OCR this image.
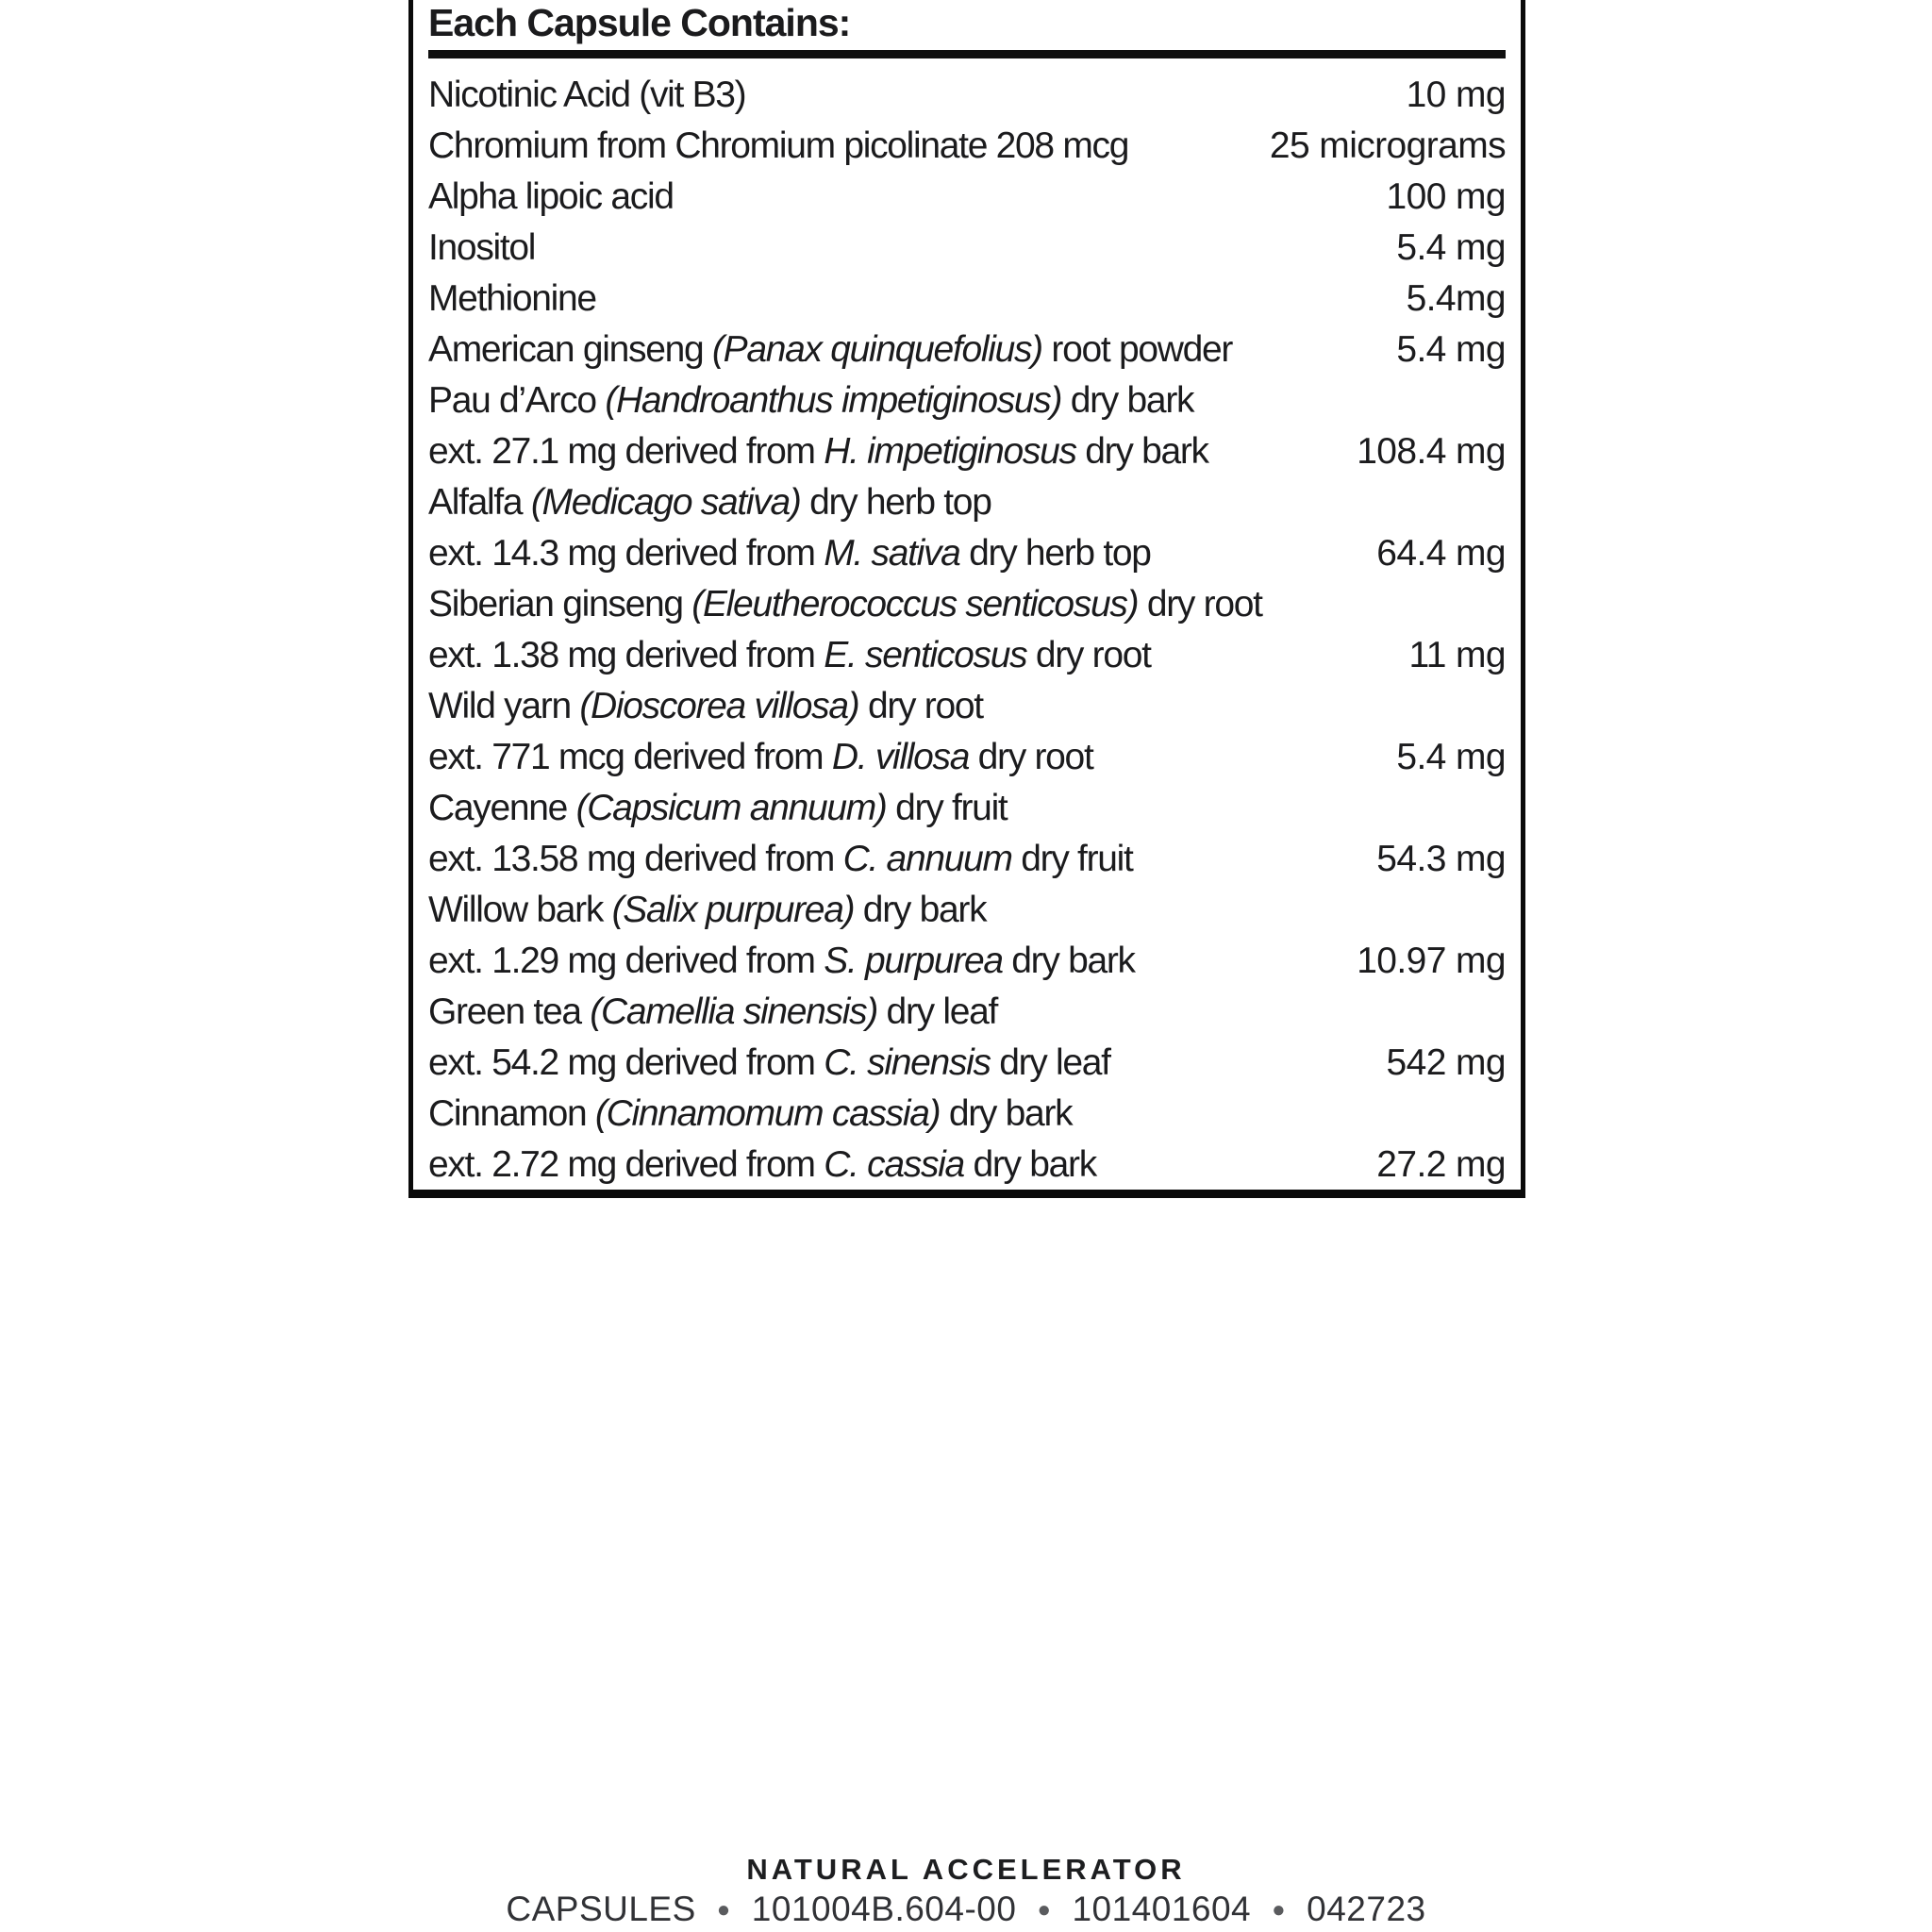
Each Capsule Contains:
Nicotinic Acid (vit B3)	10 mg
Chromium from Chromium picolinate 208 mcg	25 micrograms
Alpha lipoic acid	100 mg
Inositol	5.4 mg
Methionine	5.4mg
American ginseng (Panax quinquefolius) root powder	5.4 mg
Pau d’Arco (Handroanthus impetiginosus) dry bark
ext. 27.1 mg derived from H. impetiginosus dry bark	108.4 mg
Alfalfa (Medicago sativa) dry herb top
ext. 14.3 mg derived from M. sativa dry herb top	64.4 mg
Siberian ginseng (Eleutherococcus senticosus) dry root
ext. 1.38 mg derived from E. senticosus dry root	11 mg
Wild yarn (Dioscorea villosa) dry root
ext. 771 mcg derived from D. villosa dry root	5.4 mg
Cayenne (Capsicum annuum) dry fruit
ext. 13.58 mg derived from C. annuum dry fruit	54.3 mg
Willow bark (Salix purpurea) dry bark
ext. 1.29 mg derived from S. purpurea dry bark	10.97 mg
Green tea (Camellia sinensis) dry leaf
ext. 54.2 mg derived from C. sinensis dry leaf	542 mg
Cinnamon (Cinnamomum cassia) dry bark
ext. 2.72 mg derived from C. cassia dry bark	27.2 mg
NATURAL ACCELERATOR
CAPSULES ● 101004B.604-00 ● 101401604 ● 042723
